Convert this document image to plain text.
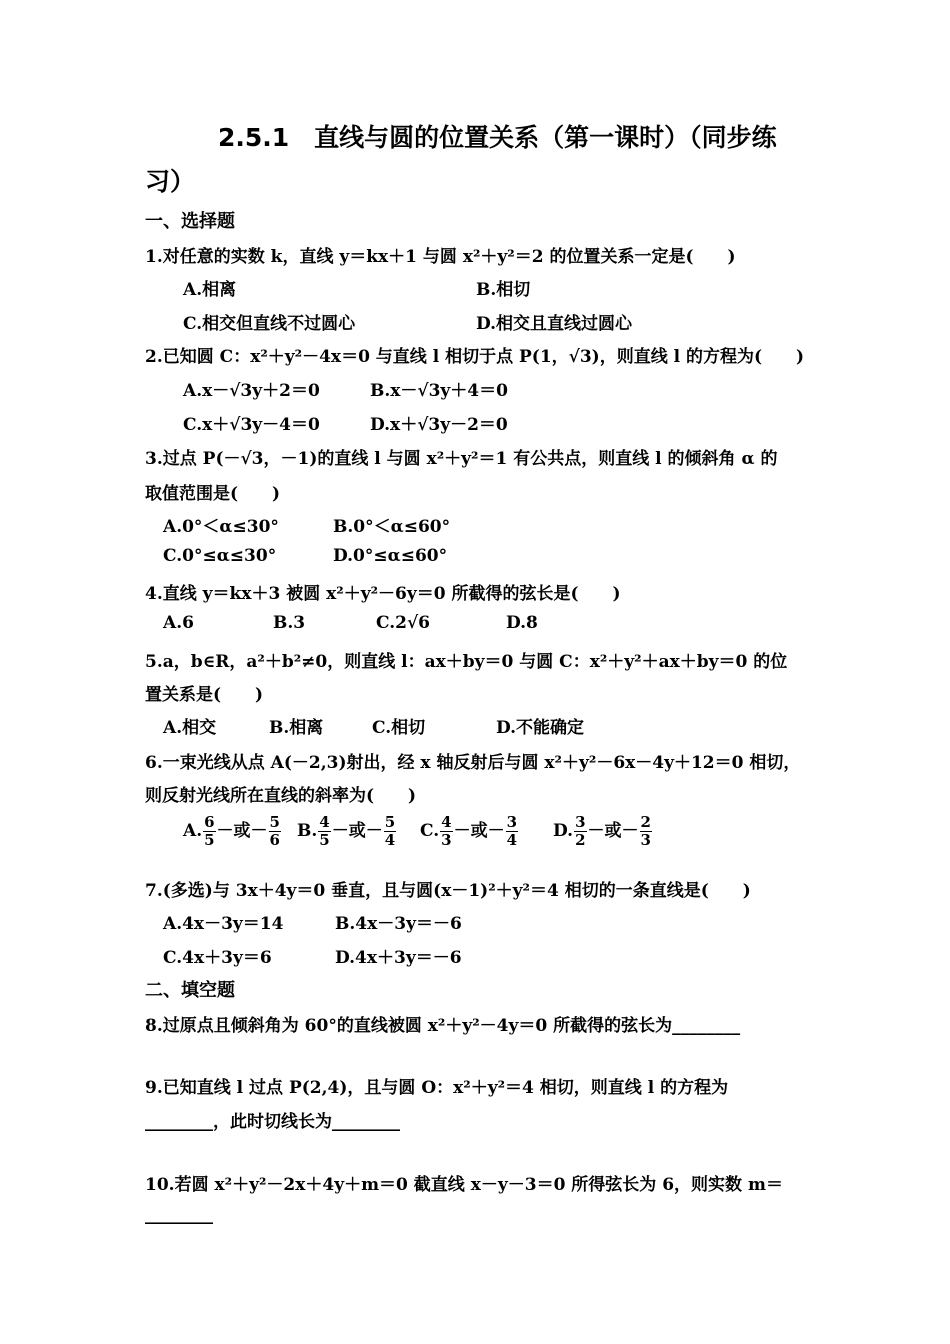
2.5.1　直线与圆的位置关系（第一课时）（同步练
习）
一、选择题
1.对任意的实数 k，直线 y＝kx＋1 与圆 x²＋y²＝2 的位置关系一定是(　　)
A.相离	B.相切
C.相交但直线不过圆心	D.相交且直线过圆心
2.已知圆 C：x²＋y²－4x＝0 与直线 l 相切于点 P(1，√3)，则直线 l 的方程为(　　)
A.x－√3y＋2＝0	B.x－√3y＋4＝0
C.x＋√3y－4＝0	D.x＋√3y－2＝0
3.过点 P(－√3，－1)的直线 l 与圆 x²＋y²＝1 有公共点，则直线 l 的倾斜角 α 的
取值范围是(　　)
A.0°＜α≤30°	B.0°＜α≤60°
C.0°≤α≤30°	D.0°≤α≤60°
4.直线 y＝kx＋3 被圆 x²＋y²－6y＝0 所截得的弦长是(　　)
A.6	B.3	C.2√6	D.8
5.a，b∈R，a²＋b²≠0，则直线 l：ax＋by＝0 与圆 C：x²＋y²＋ax＋by＝0 的位
置关系是(　　)
A.相交	B.相离	C.相切	D.不能确定
6.一束光线从点 A(－2,3)射出，经 x 轴反射后与圆 x²＋y²－6x－4y＋12＝0 相切，
则反射光线所在直线的斜率为(　　)
A. $\frac{6}{5}$ －或－ $\frac{5}{6} B$. $\frac{4}{5}$ －或－ $\frac{5}{4} C$. $\frac{4}{3}$ －或－ $\frac{3}{4} D$. $\frac{3}{2}$ －或－ $\frac{2}{3}$
7.(多选)与 3x＋4y＝0 垂直，且与圆(x－1)²＋y²＝4 相切的一条直线是(　　)
A.4x－3y＝14	B.4x－3y＝－6
C.4x＋3y＝6	D.4x＋3y＝－6
二、填空题
8.过原点且倾斜角为 60°的直线被圆 x²＋y²－4y＝0 所截得的弦长为________
9.已知直线 l 过点 P(2,4)，且与圆 O：x²＋y²＝4 相切，则直线 l 的方程为
________，此时切线长为________
10.若圆 x²＋y²－2x＋4y＋m＝0 截直线 x－y－3＝0 所得弦长为 6，则实数 m＝
________
